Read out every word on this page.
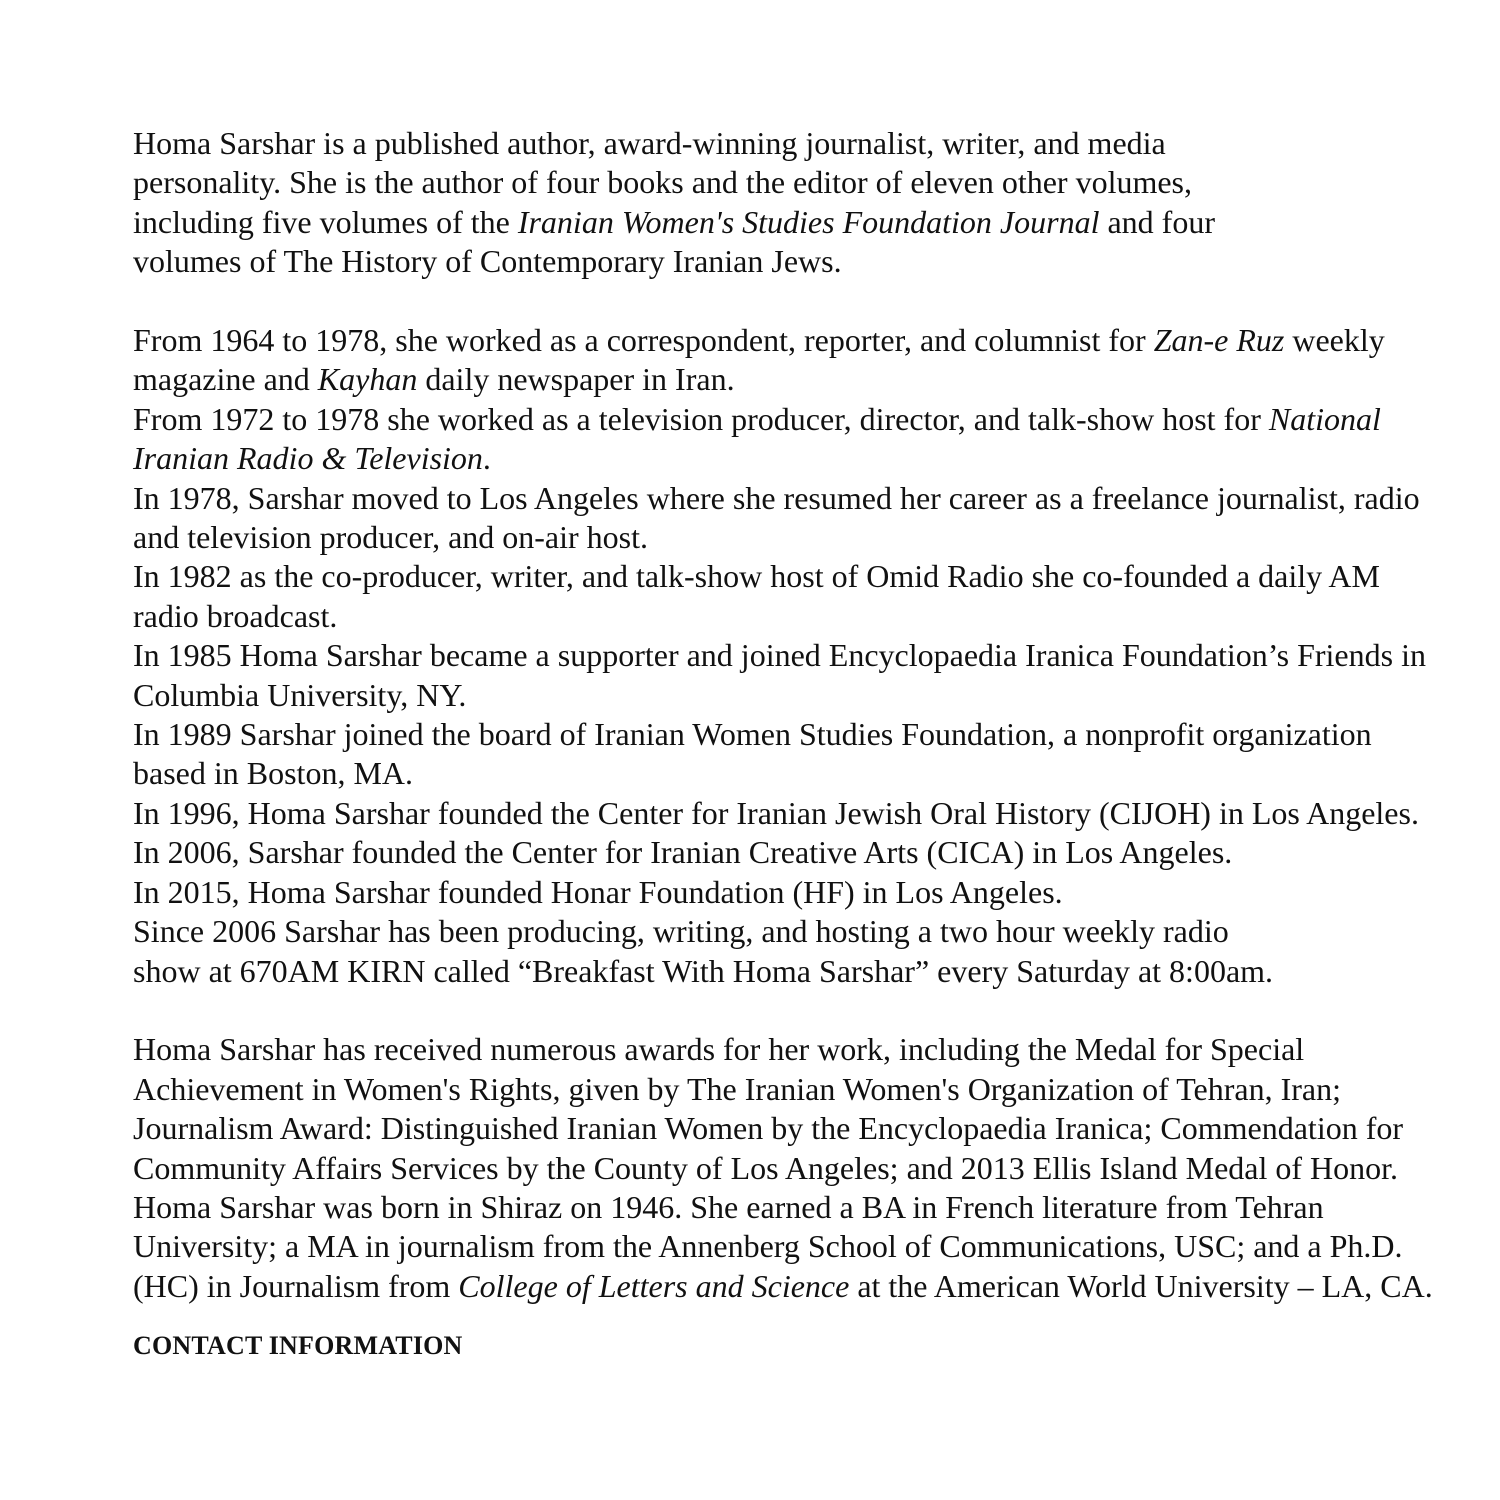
Homa Sarshar is a published author, award-winning journalist, writer, and media
personality. She is the author of four books and the editor of eleven other volumes,
including five volumes of the Iranian Women's Studies Foundation Journal and four
volumes of The History of Contemporary Iranian Jews.
From 1964 to 1978, she worked as a correspondent, reporter, and columnist for Zan-e Ruz weekly magazine and Kayhan daily newspaper in Iran.
From 1972 to 1978 she worked as a television producer, director, and talk-show host for National Iranian Radio & Television.
In 1978, Sarshar moved to Los Angeles where she resumed her career as a freelance journalist, radio and television producer, and on-air host.
In 1982 as the co-producer, writer, and talk-show host of Omid Radio she co-founded a daily AM radio broadcast.
In 1985 Homa Sarshar became a supporter and joined Encyclopaedia Iranica Foundation’s Friends in Columbia University, NY.
In 1989 Sarshar joined the board of Iranian Women Studies Foundation, a nonprofit organization based in Boston, MA.
In 1996, Homa Sarshar founded the Center for Iranian Jewish Oral History (CIJOH) in Los Angeles.
In 2006, Sarshar founded the Center for Iranian Creative Arts (CICA) in Los Angeles.
In 2015, Homa Sarshar founded Honar Foundation (HF) in Los Angeles.
Since 2006 Sarshar has been producing, writing, and hosting a two hour weekly radio
show at 670AM KIRN called “Breakfast With Homa Sarshar” every Saturday at 8:00am.
Homa Sarshar has received numerous awards for her work, including the Medal for Special Achievement in Women's Rights, given by The Iranian Women's Organization of Tehran, Iran; Journalism Award: Distinguished Iranian Women by the Encyclopaedia Iranica; Commendation for Community Affairs Services by the County of Los Angeles; and 2013 Ellis Island Medal of Honor.
Homa Sarshar was born in Shiraz on 1946. She earned a BA in French literature from Tehran University; a MA in journalism from the Annenberg School of Communications, USC; and a Ph.D. (HC) in Journalism from College of Letters and Science at the American World University – LA, CA.
CONTACT INFORMATION
